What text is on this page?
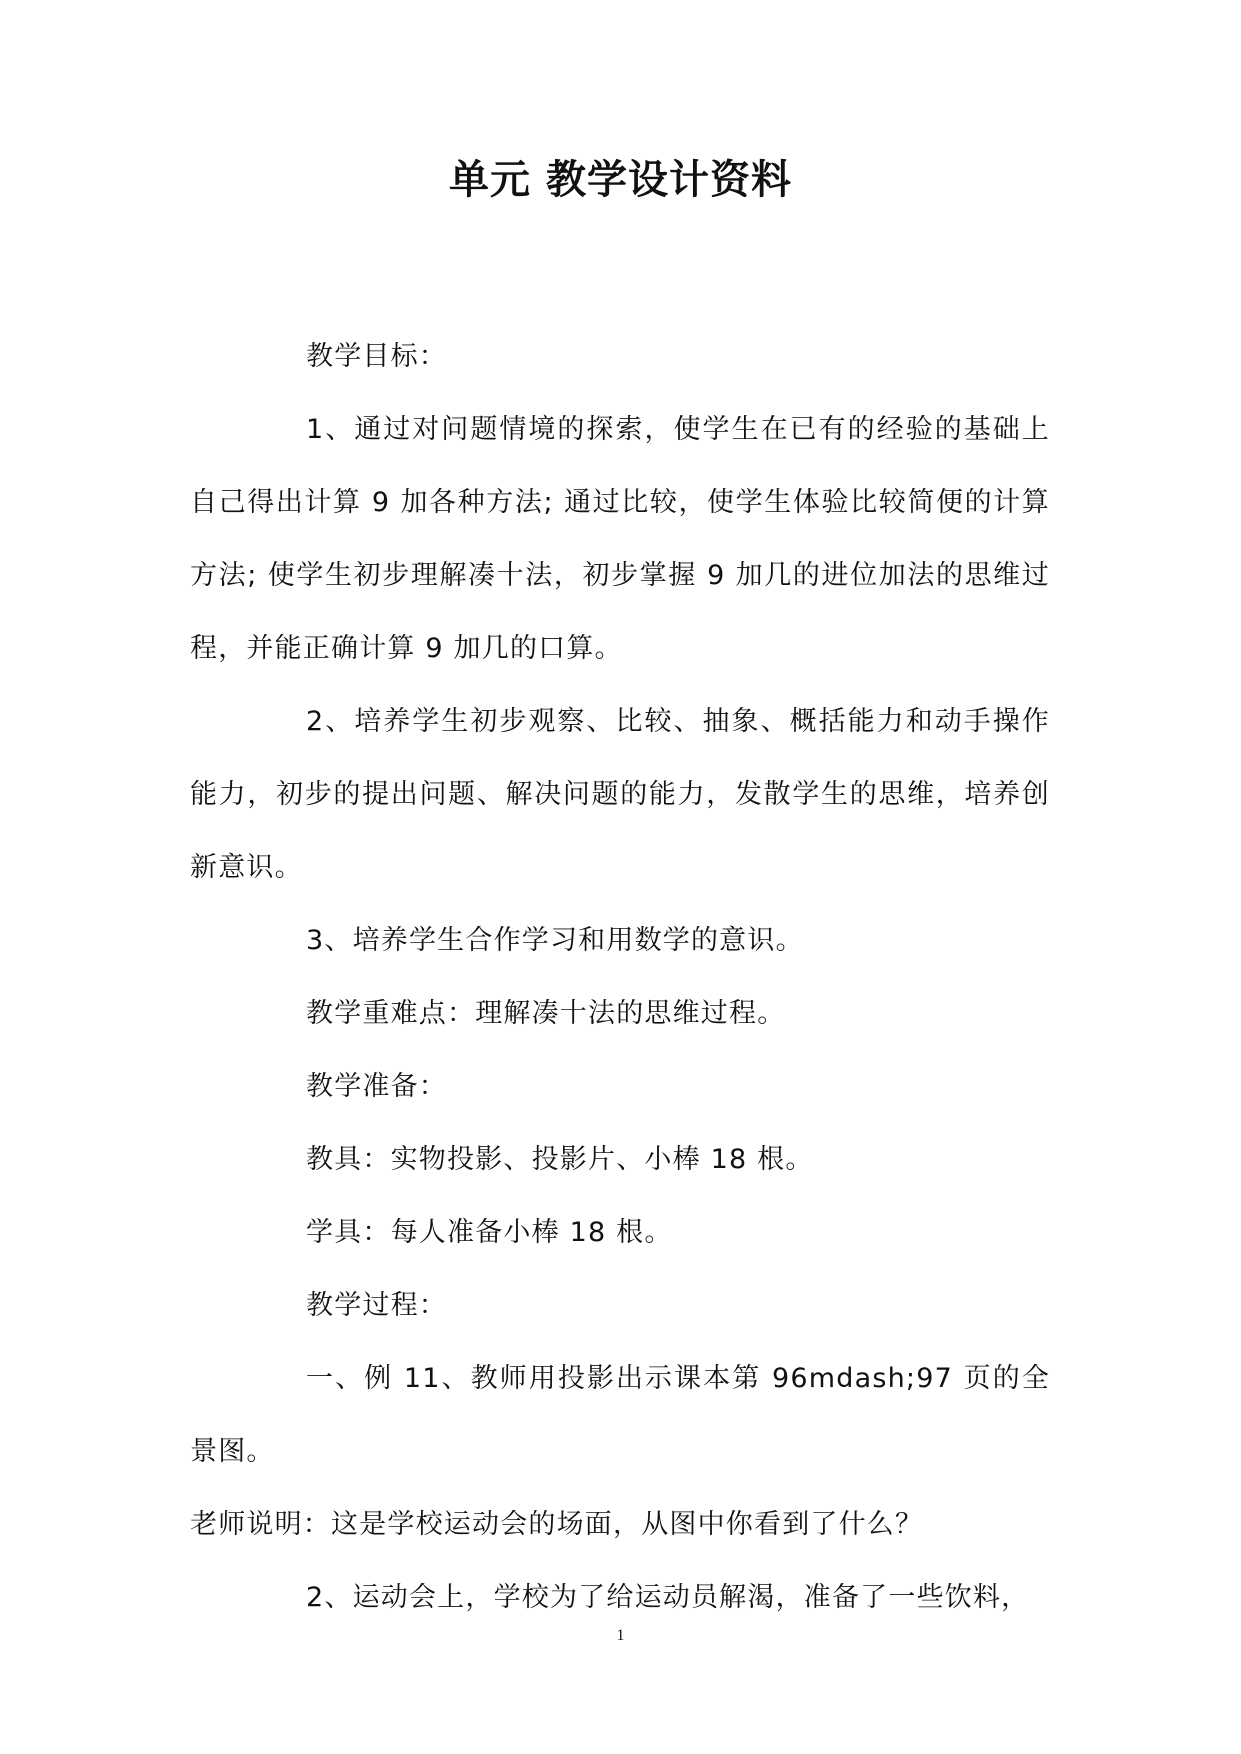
单元 教学设计资料

教学目标：

1、通过对问题情境的探索，使学生在已有的经验的基础上自己得出计算 9 加各种方法; 通过比较，使学生体验比较简便的计算方法; 使学生初步理解凑十法，初步掌握 9 加几的进位加法的思维过程，并能正确计算 9 加几的口算。

2、培养学生初步观察、比较、抽象、概括能力和动手操作能力，初步的提出问题、解决问题的能力，发散学生的思维，培养创新意识。

3、培养学生合作学习和用数学的意识。

教学重难点：理解凑十法的思维过程。

教学准备：

教具：实物投影、投影片、小棒 18 根。

学具：每人准备小棒 18 根。

教学过程：

一、例 11、教师用投影出示课本第 96mdash;97 页的全景图。

老师说明：这是学校运动会的场面，从图中你看到了什么？

2、运动会上，学校为了给运动员解渴，准备了一些饮料，

1
